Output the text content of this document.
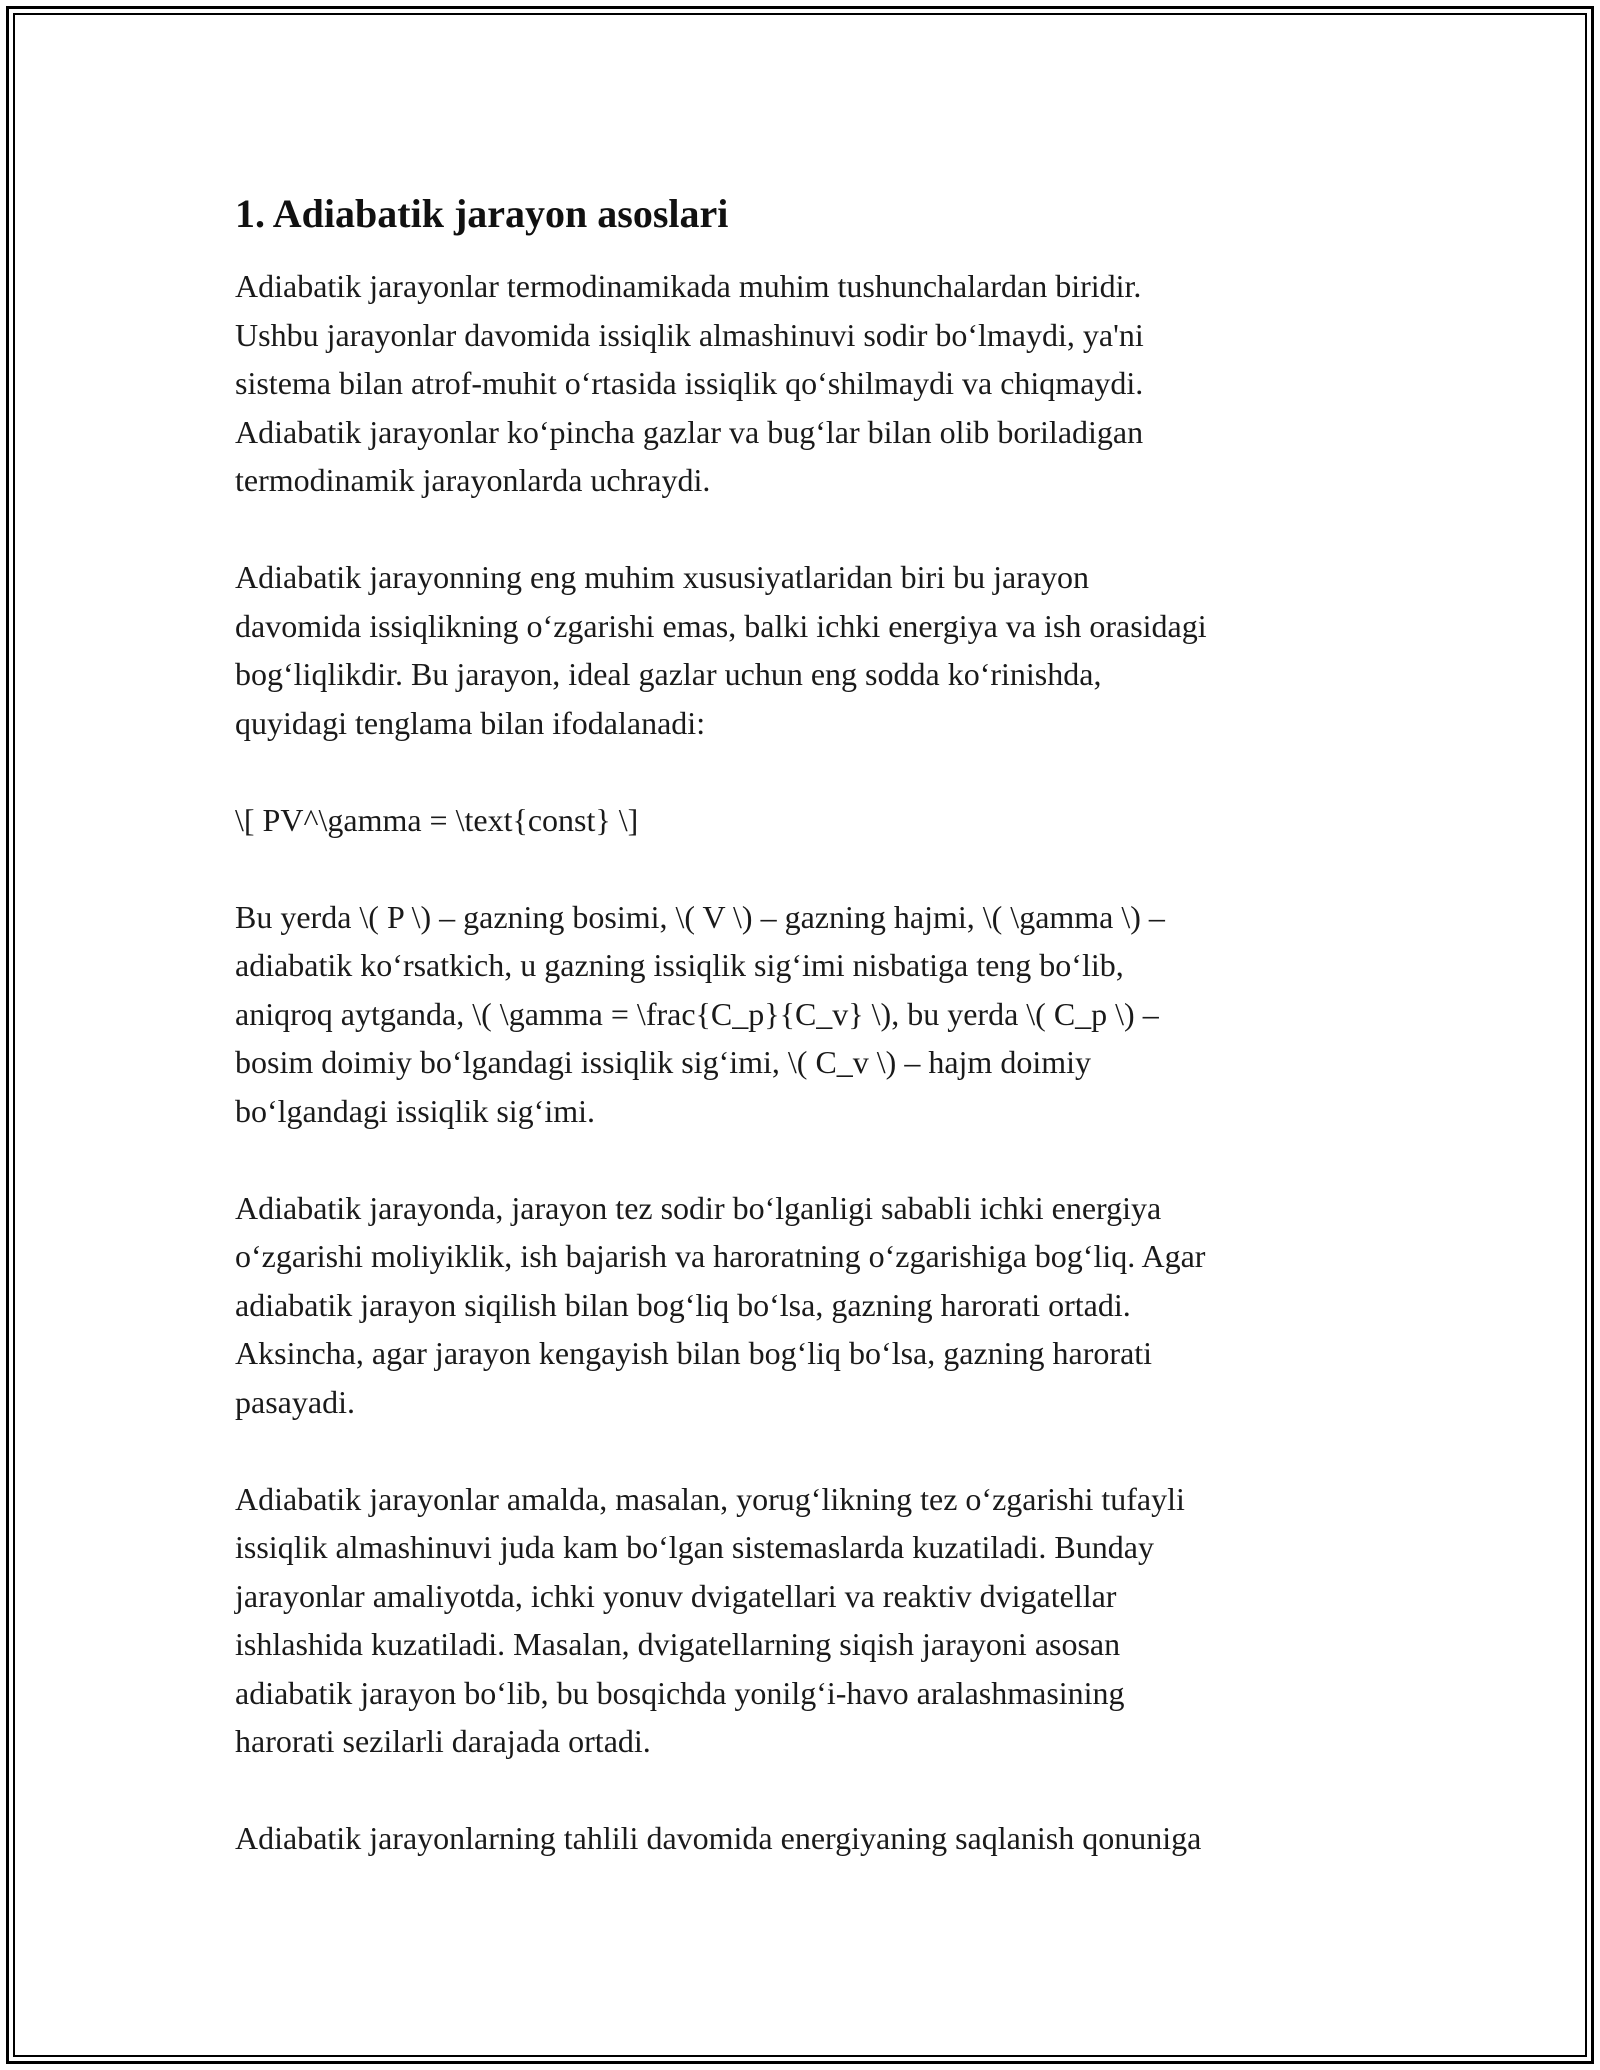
1. Adiabatik jarayon asoslari

Adiabatik jarayonlar termodinamikada muhim tushunchalardan biridir.
Ushbu jarayonlar davomida issiqlik almashinuvi sodir boʻlmaydi, ya'ni
sistema bilan atrof-muhit oʻrtasida issiqlik qoʻshilmaydi va chiqmaydi.
Adiabatik jarayonlar koʻpincha gazlar va bugʻlar bilan olib boriladigan
termodinamik jarayonlarda uchraydi.

Adiabatik jarayonning eng muhim xususiyatlaridan biri bu jarayon
davomida issiqlikning oʻzgarishi emas, balki ichki energiya va ish orasidagi
bogʻliqlikdir. Bu jarayon, ideal gazlar uchun eng sodda koʻrinishda,
quyidagi tenglama bilan ifodalanadi:

\[ PV^\gamma = \text{const} \]

Bu yerda \( P \) – gazning bosimi, \( V \) – gazning hajmi, \( \gamma \) –
adiabatik koʻrsatkich, u gazning issiqlik sigʻimi nisbatiga teng boʻlib,
aniqroq aytganda, \( \gamma = \frac{C_p}{C_v} \), bu yerda \( C_p \) –
bosim doimiy boʻlgandagi issiqlik sigʻimi, \( C_v \) – hajm doimiy
boʻlgandagi issiqlik sigʻimi.

Adiabatik jarayonda, jarayon tez sodir boʻlganligi sababli ichki energiya
oʻzgarishi moliyiklik, ish bajarish va haroratning oʻzgarishiga bogʻliq. Agar
adiabatik jarayon siqilish bilan bogʻliq boʻlsa, gazning harorati ortadi.
Aksincha, agar jarayon kengayish bilan bogʻliq boʻlsa, gazning harorati
pasayadi.

Adiabatik jarayonlar amalda, masalan, yorugʻlikning tez oʻzgarishi tufayli
issiqlik almashinuvi juda kam boʻlgan sistemaslarda kuzatiladi. Bunday
jarayonlar amaliyotda, ichki yonuv dvigatellari va reaktiv dvigatellar
ishlashida kuzatiladi. Masalan, dvigatellarning siqish jarayoni asosan
adiabatik jarayon boʻlib, bu bosqichda yonilgʻi-havo aralashmasining
harorati sezilarli darajada ortadi.

Adiabatik jarayonlarning tahlili davomida energiyaning saqlanish qonuniga
